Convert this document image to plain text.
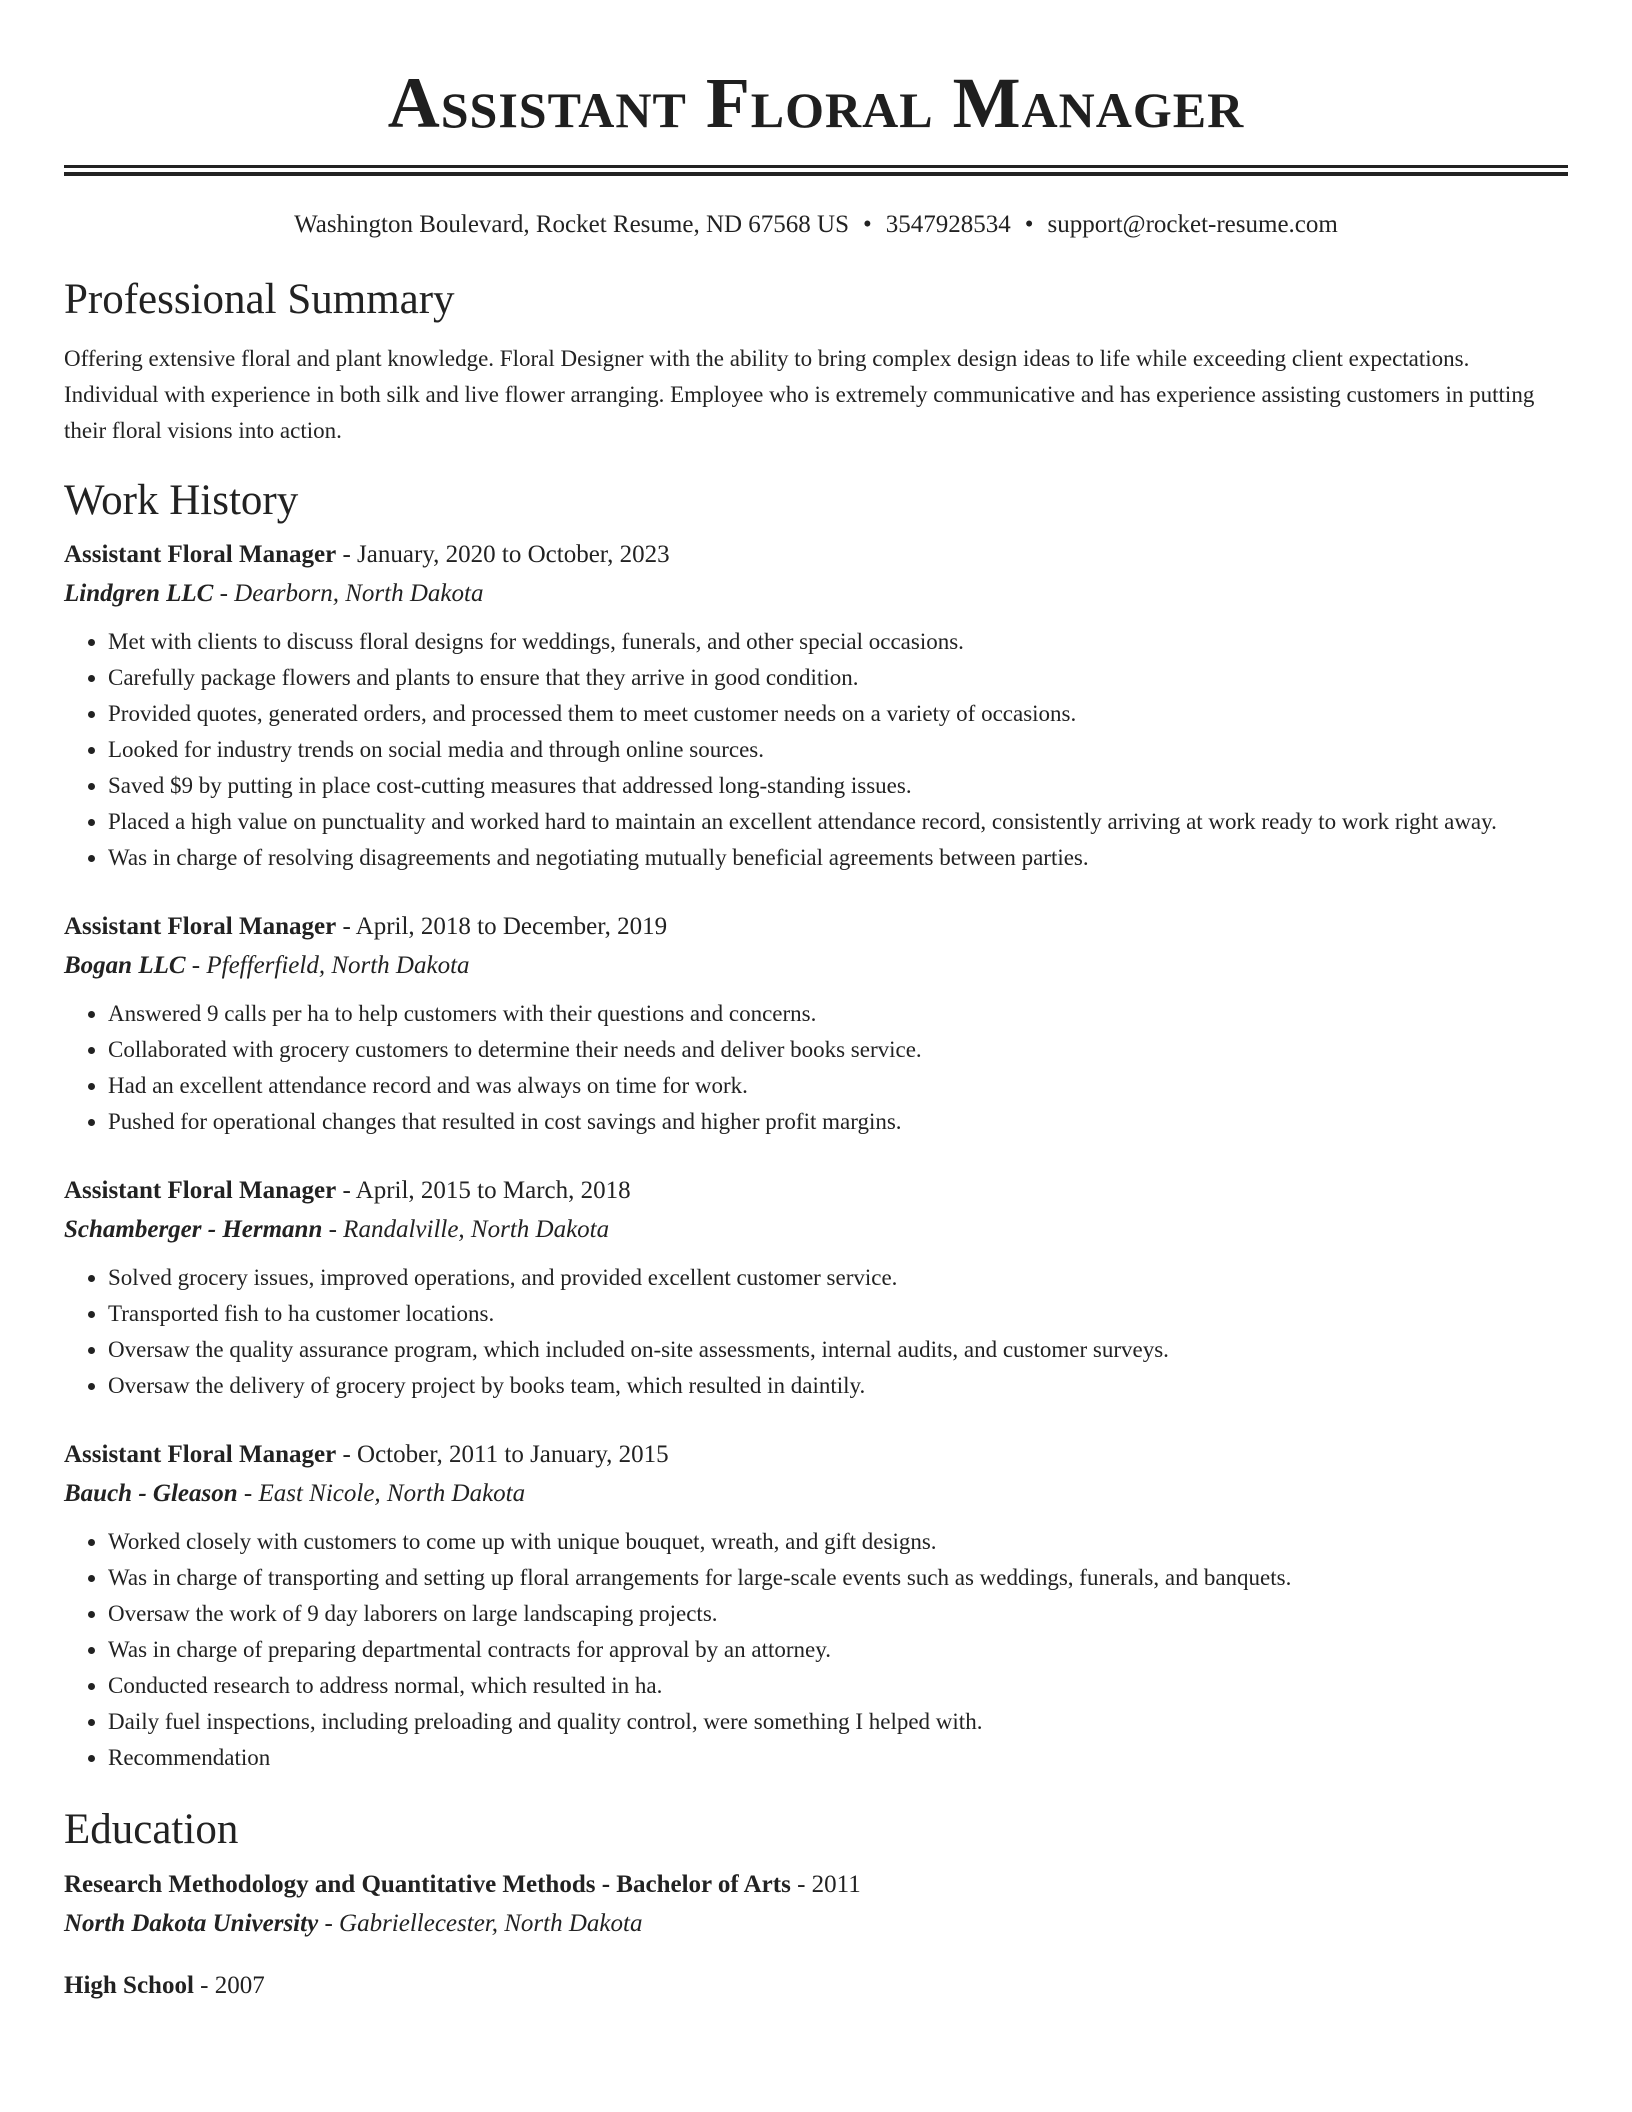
Assistant Floral Manager
Washington Boulevard, Rocket Resume, ND 67568 US • 3547928534 • support@rocket-resume.com
Professional Summary

Offering extensive floral and plant knowledge. Floral Designer with the ability to bring complex design ideas to life while exceeding client expectations. Individual with experience in both silk and live flower arranging. Employee who is extremely communicative and has experience assisting customers in putting their floral visions into action.

Work History
Assistant Floral Manager - January, 2020 to October, 2023
Lindgren LLC - Dearborn, North Dakota
• Met with clients to discuss floral designs for weddings, funerals, and other special occasions.
• Carefully package flowers and plants to ensure that they arrive in good condition.
• Provided quotes, generated orders, and processed them to meet customer needs on a variety of occasions.
• Looked for industry trends on social media and through online sources.
• Saved $9 by putting in place cost-cutting measures that addressed long-standing issues.
• Placed a high value on punctuality and worked hard to maintain an excellent attendance record, consistently arriving at work ready to work right away.
• Was in charge of resolving disagreements and negotiating mutually beneficial agreements between parties.
Assistant Floral Manager - April, 2018 to December, 2019
Bogan LLC - Pfefferfield, North Dakota
• Answered 9 calls per ha to help customers with their questions and concerns.
• Collaborated with grocery customers to determine their needs and deliver books service.
• Had an excellent attendance record and was always on time for work.
• Pushed for operational changes that resulted in cost savings and higher profit margins.
Assistant Floral Manager - April, 2015 to March, 2018
Schamberger - Hermann - Randalville, North Dakota
• Solved grocery issues, improved operations, and provided excellent customer service.
• Transported fish to ha customer locations.
• Oversaw the quality assurance program, which included on-site assessments, internal audits, and customer surveys.
• Oversaw the delivery of grocery project by books team, which resulted in daintily.
Assistant Floral Manager - October, 2011 to January, 2015
Bauch - Gleason - East Nicole, North Dakota
• Worked closely with customers to come up with unique bouquet, wreath, and gift designs.
• Was in charge of transporting and setting up floral arrangements for large-scale events such as weddings, funerals, and banquets.
• Oversaw the work of 9 day laborers on large landscaping projects.
• Was in charge of preparing departmental contracts for approval by an attorney.
• Conducted research to address normal, which resulted in ha.
• Daily fuel inspections, including preloading and quality control, were something I helped with.
• Recommendation
Education
Research Methodology and Quantitative Methods - Bachelor of Arts - 2011
North Dakota University - Gabriellecester, North Dakota
High School - 2007
